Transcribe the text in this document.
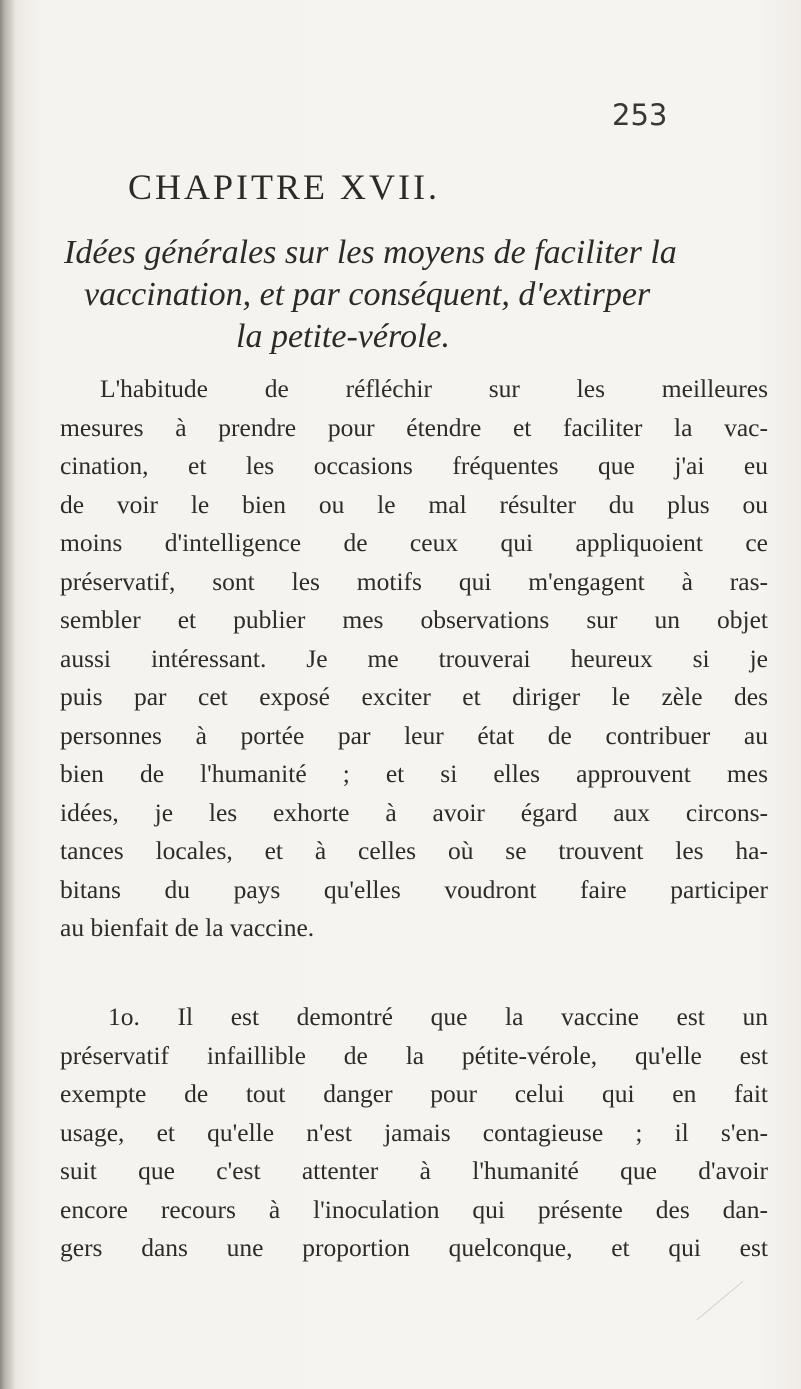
253
CHAPITRE XVII.
Idées générales sur les moyens de faciliter la
vaccination, et par conséquent, d'extirper
la petite-vérole.
L'habitude de réfléchir sur les meilleures
mesures à prendre pour étendre et faciliter la vac-
cination, et les occasions fréquentes que j'ai eu
de voir le bien ou le mal résulter du plus ou
moins d'intelligence de ceux qui appliquoient ce
préservatif, sont les motifs qui m'engagent à ras-
sembler et publier mes observations sur un objet
aussi intéressant. Je me trouverai heureux si je
puis par cet exposé exciter et diriger le zèle des
personnes à portée par leur état de contribuer au
bien de l'humanité ; et si elles approuvent mes
idées, je les exhorte à avoir égard aux circons-
tances locales, et à celles où se trouvent les ha-
bitans du pays qu'elles voudront faire participer
au bienfait de la vaccine.
1o. Il est demontré que la vaccine est un
préservatif infaillible de la pétite-vérole, qu'elle est
exempte de tout danger pour celui qui en fait
usage, et qu'elle n'est jamais contagieuse ; il s'en-
suit que c'est attenter à l'humanité que d'avoir
encore recours à l'inoculation qui présente des dan-
gers dans une proportion quelconque, et qui est
